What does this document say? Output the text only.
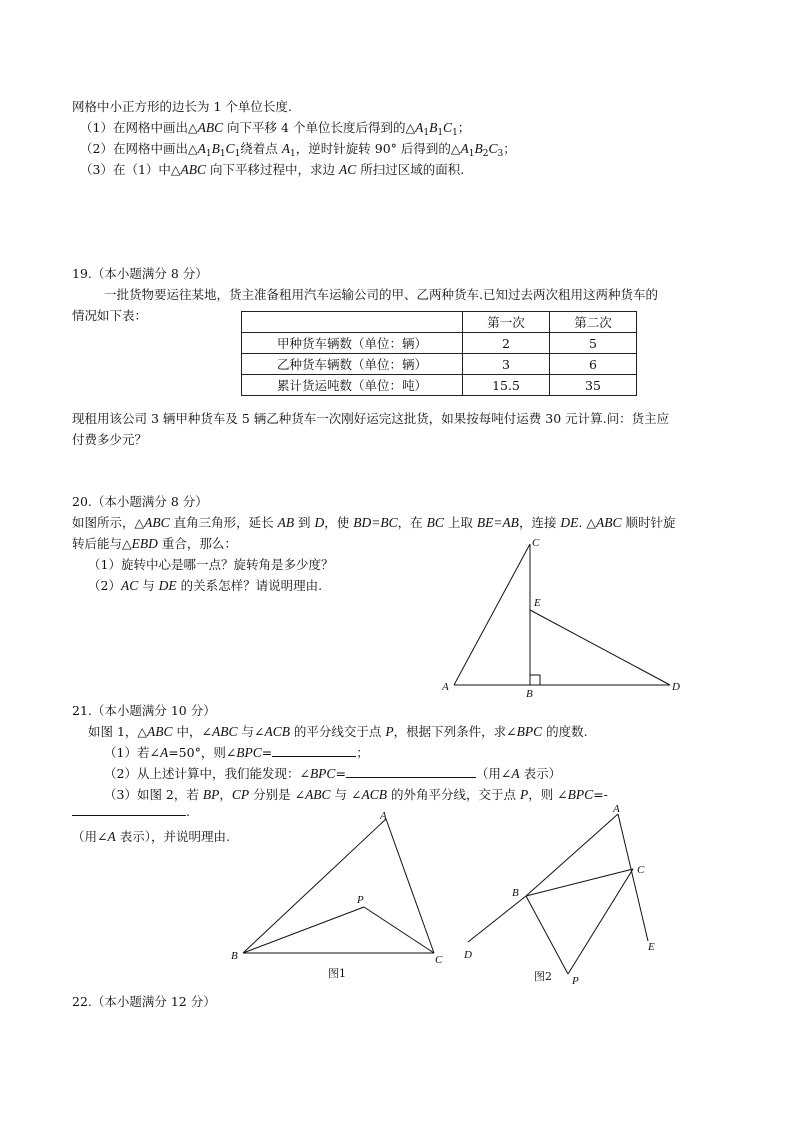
网格中小正方形的边长为 1 个单位长度.
（1）在网格中画出△ABC 向下平移 4 个单位长度后得到的$\triangle A_1B_1C_1$；
（2）在网格中画出$\triangle A_1B_1C_1$绕着点 $A_1$，逆时针旋转 90° 后得到的$\triangle A_1B_2C_3$；
（3）在（1）中△ABC 向下平移过程中，求边 AC 所扫过区域的面积.
19.（本小题满分 8 分）
一批货物要运往某地，货主准备租用汽车运输公司的甲、乙两种货车.已知过去两次租用这两种货车的
情况如下表：
		第一次	第二次
甲种货车辆数（单位：辆）	2	5
乙种货车辆数（单位：辆）	3	6
累计货运吨数（单位：吨）	15.5	35
现租用该公司 3 辆甲种货车及 5 辆乙种货车一次刚好运完这批货，如果按每吨付运费 30 元计算.问：货主应
付费多少元？
20.（本小题满分 8 分）
如图所示，△ABC 直角三角形，延长 AB 到 D，使 BD=BC，在 BC 上取 BE=AB，连接 DE. △ABC 顺时针旋
转后能与△EBD 重合，那么：
（1）旋转中心是哪一点？旋转角是多少度？
（2）AC 与 DE 的关系怎样？请说明理由.
A
B
C
D
E
21.（本小题满分 10 分）
如图 1，△ABC 中，∠ABC 与∠ACB 的平分线交于点 P，根据下列条件，求∠BPC 的度数.
（1）若∠A=50°，则∠BPC=	；
（2）从上述计算中，我们能发现：∠BPC=	（用∠A 表示）
（3）如图 2，若 BP，CP 分别是 ∠ABC 与 ∠ACB 的外角平分线，交于点 P，则 ∠BPC=-
.
（用∠A 表示），并说明理由.
A
B	C
P
图1
A
B
C
D
E
P
图2
22.（本小题满分 12 分）
